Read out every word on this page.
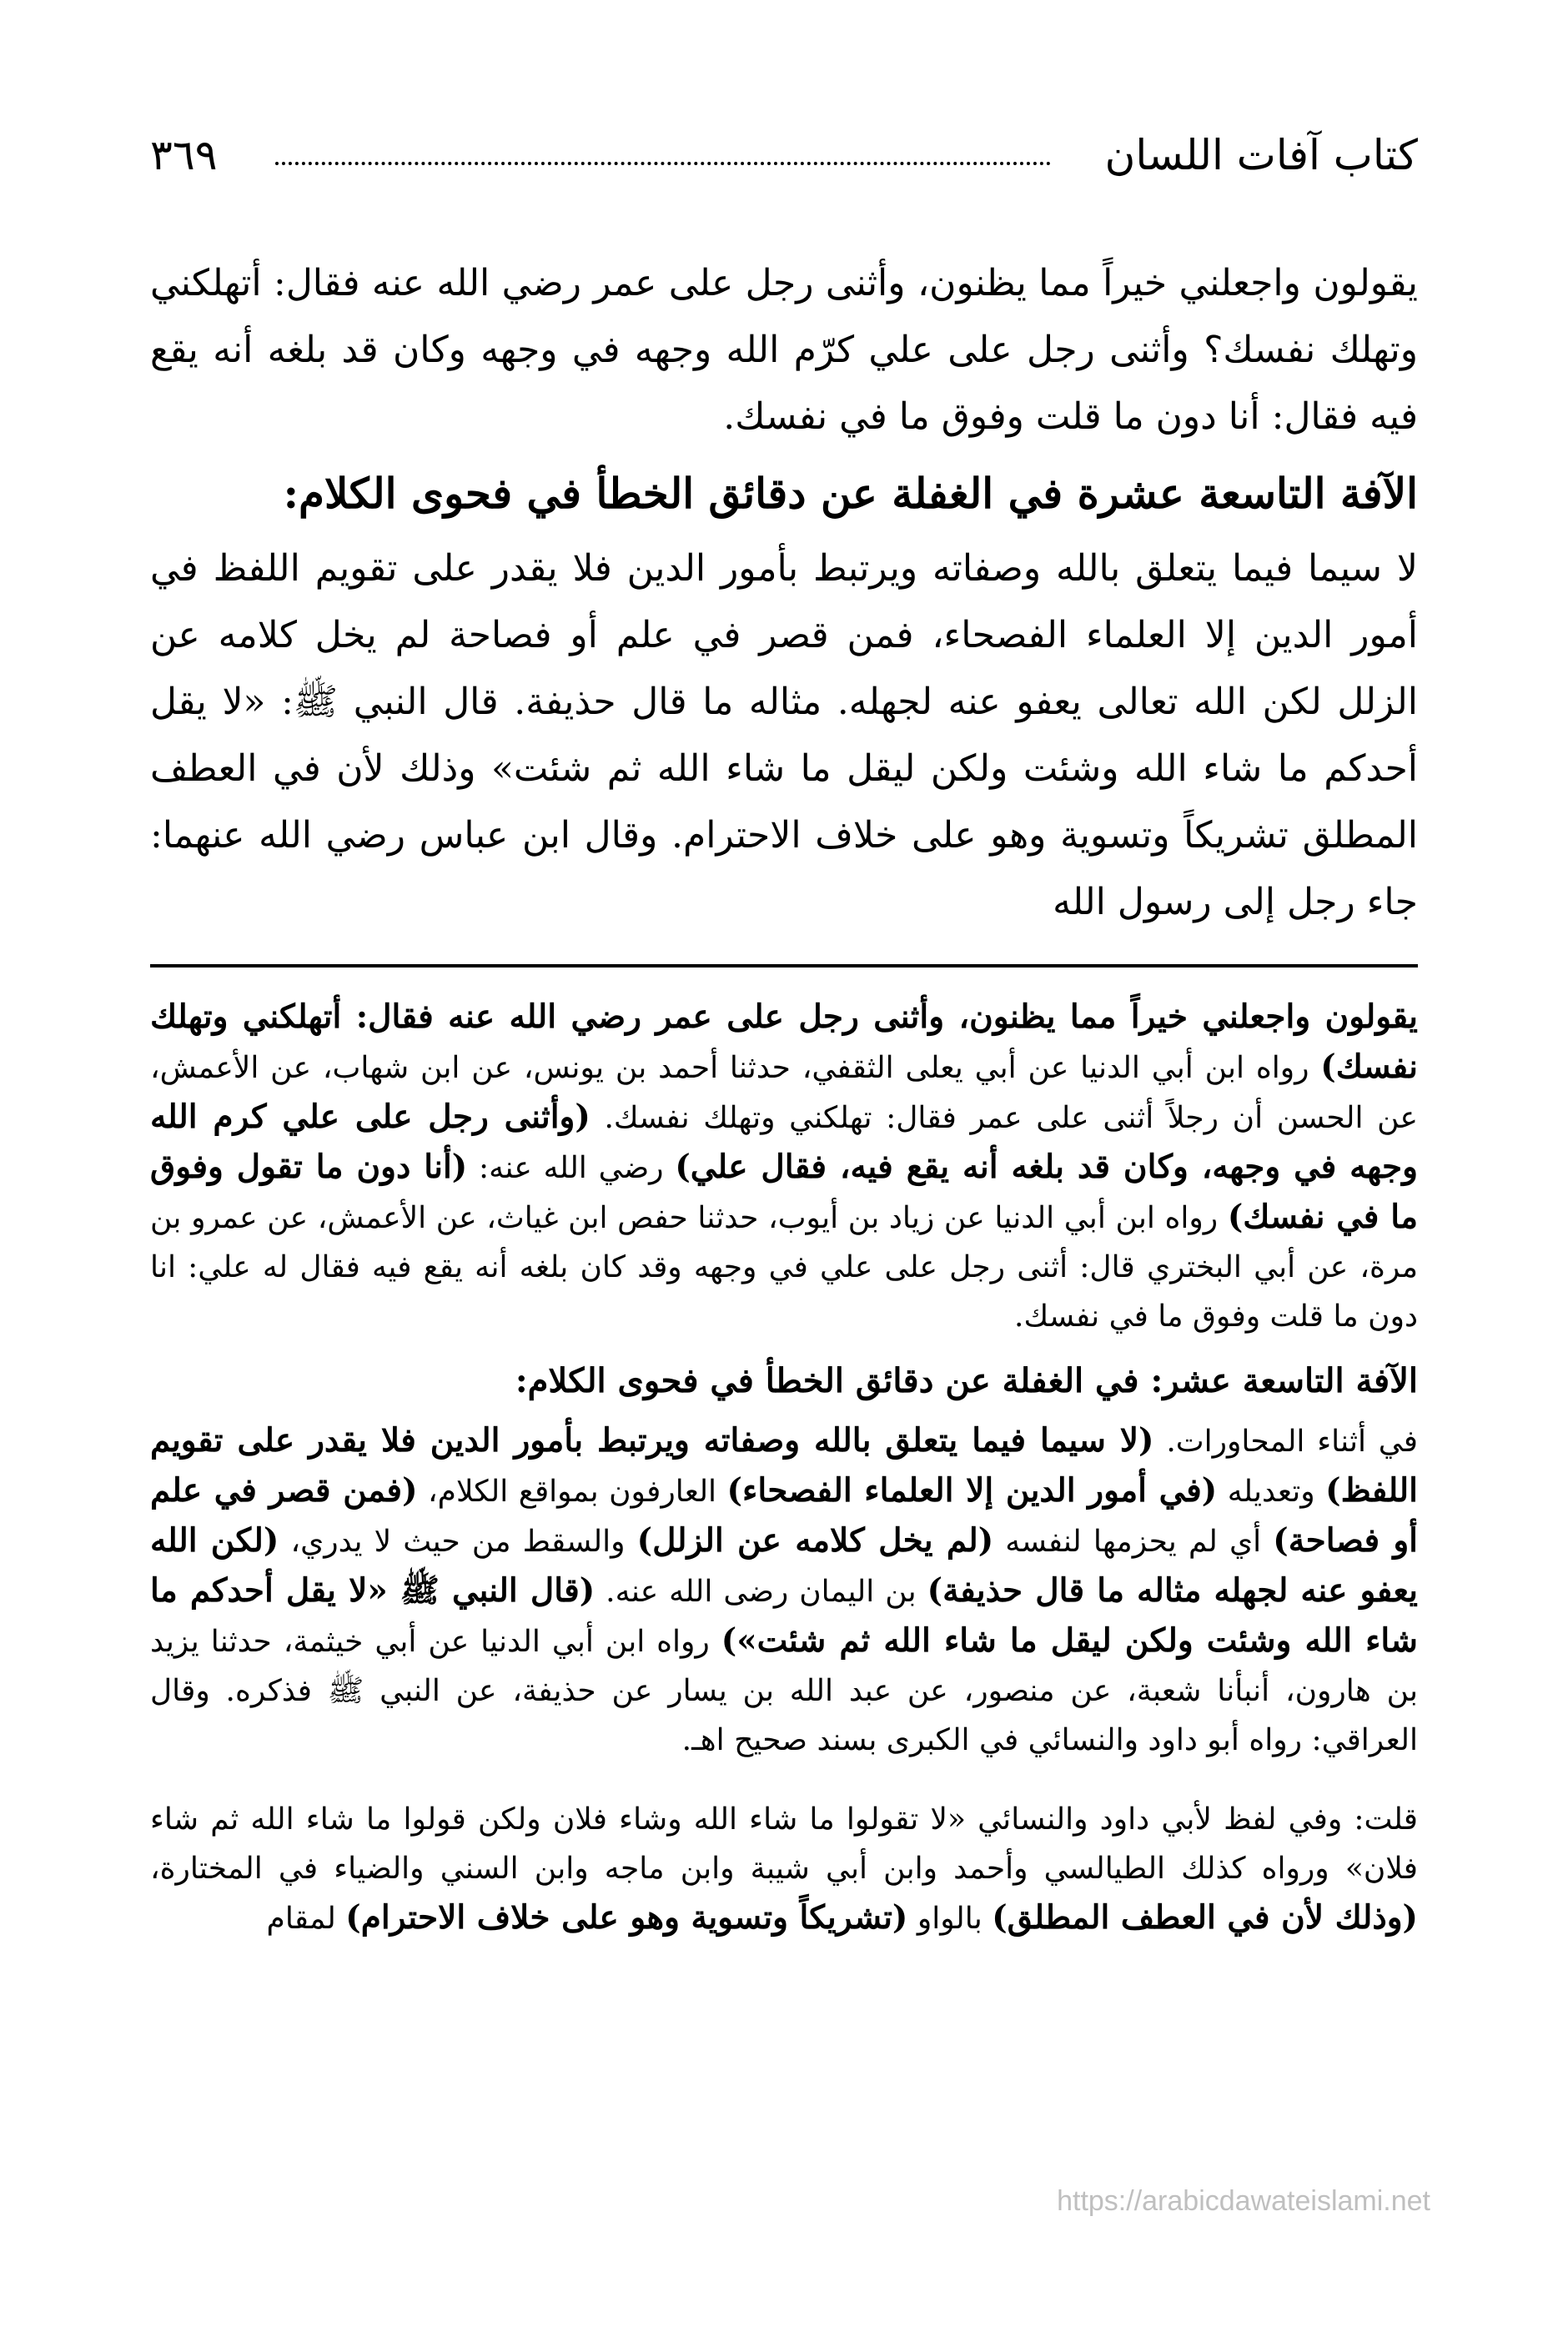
كتاب آفات اللسان
٣٦٩

يقولون واجعلني خيراً مما يظنون، وأثنى رجل على عمر رضي الله عنه فقال: أتهلكني وتهلك نفسك؟ وأثنى رجل على علي كرّم الله وجهه في وجهه وكان قد بلغه أنه يقع فيه فقال: أنا دون ما قلت وفوق ما في نفسك.

الآفة التاسعة عشرة في الغفلة عن دقائق الخطأ في فحوى الكلام:

لا سيما فيما يتعلق بالله وصفاته ويرتبط بأمور الدين فلا يقدر على تقويم اللفظ في أمور الدين إلا العلماء الفصحاء، فمن قصر في علم أو فصاحة لم يخل كلامه عن الزلل لكن الله تعالى يعفو عنه لجهله. مثاله ما قال حذيفة. قال النبي ﷺ: «لا يقل أحدكم ما شاء الله وشئت ولكن ليقل ما شاء الله ثم شئت» وذلك لأن في العطف المطلق تشريكاً وتسوية وهو على خلاف الاحترام. وقال ابن عباس رضي الله عنهما: جاء رجل إلى رسول الله

يقولون واجعلني خيراً مما يظنون، وأثنى رجل على عمر رضي الله عنه فقال: أتهلكني وتهلك نفسك) رواه ابن أبي الدنيا عن أبي يعلى الثقفي، حدثنا أحمد بن يونس، عن ابن شهاب، عن الأعمش، عن الحسن أن رجلاً أثنى على عمر فقال: تهلكني وتهلك نفسك. (وأثنى رجل على علي كرم الله وجهه في وجهه، وكان قد بلغه أنه يقع فيه، فقال علي) رضي الله عنه: (أنا دون ما تقول وفوق ما في نفسك) رواه ابن أبي الدنيا عن زياد بن أيوب، حدثنا حفص ابن غياث، عن الأعمش، عن عمرو بن مرة، عن أبي البختري قال: أثنى رجل على علي في وجهه وقد كان بلغه أنه يقع فيه فقال له علي: انا دون ما قلت وفوق ما في نفسك.

الآفة التاسعة عشر: في الغفلة عن دقائق الخطأ في فحوى الكلام:

في أثناء المحاورات. (لا سيما فيما يتعلق بالله وصفاته ويرتبط بأمور الدين فلا يقدر على تقويم اللفظ) وتعديله (في أمور الدين إلا العلماء الفصحاء) العارفون بمواقع الكلام، (فمن قصر في علم أو فصاحة) أي لم يحزمها لنفسه (لم يخل كلامه عن الزلل) والسقط من حيث لا يدري، (لكن الله يعفو عنه لجهله مثاله ما قال حذيفة) بن اليمان رضى الله عنه. (قال النبي ﷺ «لا يقل أحدكم ما شاء الله وشئت ولكن ليقل ما شاء الله ثم شئت») رواه ابن أبي الدنيا عن أبي خيثمة، حدثنا يزيد بن هارون، أنبأنا شعبة، عن منصور، عن عبد الله بن يسار عن حذيفة، عن النبي ﷺ فذكره. وقال العراقي: رواه أبو داود والنسائي في الكبرى بسند صحيح اهـ.

قلت: وفي لفظ لأبي داود والنسائي «لا تقولوا ما شاء الله وشاء فلان ولكن قولوا ما شاء الله ثم شاء فلان» ورواه كذلك الطيالسي وأحمد وابن أبي شيبة وابن ماجه وابن السني والضياء في المختارة، (وذلك لأن في العطف المطلق) بالواو (تشريكاً وتسوية وهو على خلاف الاحترام) لمقام

https://arabicdawateislami.net
